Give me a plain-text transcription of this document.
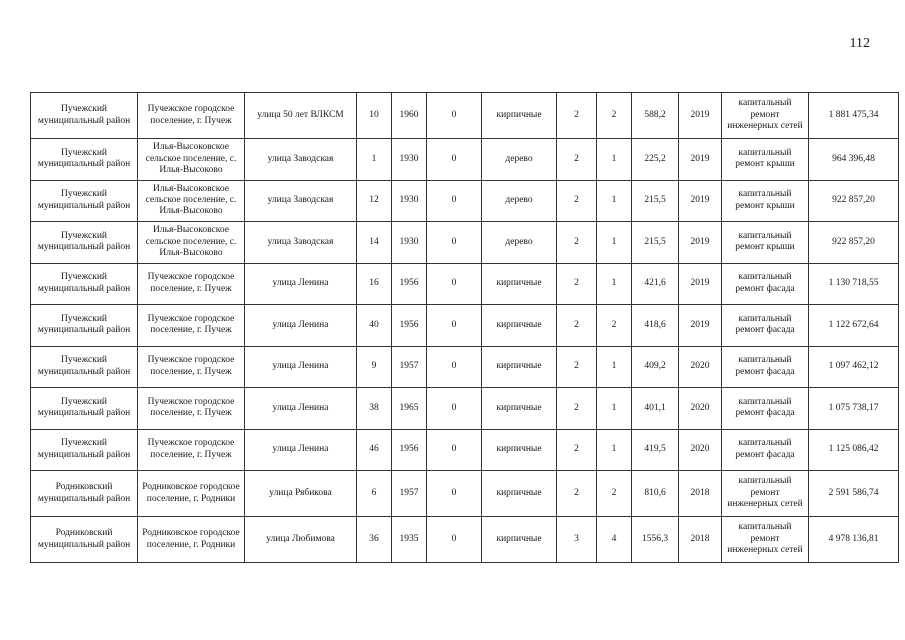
112
Пучежский муниципальный район	Пучежское городское поселение, г. Пучеж	улица 50 лет ВЛКСМ	10	1960	0	кирпичные	2	2	588,2	2019	капитальный ремонт инженерных сетей	1 881 475,34
Пучежский муниципальный район	Илья-Высоковское сельское поселение, с. Илья-Высоково	улица Заводская	1	1930	0	дерево	2	1	225,2	2019	капитальный ремонт крыши	964 396,48
Пучежский муниципальный район	Илья-Высоковское сельское поселение, с. Илья-Высоково	улица Заводская	12	1930	0	дерево	2	1	215,5	2019	капитальный ремонт крыши	922 857,20
Пучежский муниципальный район	Илья-Высоковское сельское поселение, с. Илья-Высоково	улица Заводская	14	1930	0	дерево	2	1	215,5	2019	капитальный ремонт крыши	922 857,20
Пучежский муниципальный район	Пучежское городское поселение, г. Пучеж	улица Ленина	16	1956	0	кирпичные	2	1	421,6	2019	капитальный ремонт фасада	1 130 718,55
Пучежский муниципальный район	Пучежское городское поселение, г. Пучеж	улица Ленина	40	1956	0	кирпичные	2	2	418,6	2019	капитальный ремонт фасада	1 122 672,64
Пучежский муниципальный район	Пучежское городское поселение, г. Пучеж	улица Ленина	9	1957	0	кирпичные	2	1	409,2	2020	капитальный ремонт фасада	1 097 462,12
Пучежский муниципальный район	Пучежское городское поселение, г. Пучеж	улица Ленина	38	1965	0	кирпичные	2	1	401,1	2020	капитальный ремонт фасада	1 075 738,17
Пучежский муниципальный район	Пучежское городское поселение, г. Пучеж	улица Ленина	46	1956	0	кирпичные	2	1	419,5	2020	капитальный ремонт фасада	1 125 086,42
Родниковский муниципальный район	Родниковское городское поселение, г. Родники	улица Рябикова	6	1957	0	кирпичные	2	2	810,6	2018	капитальный ремонт инженерных сетей	2 591 586,74
Родниковский муниципальный район	Родниковское городское поселение, г. Родники	улица Любимова	36	1935	0	кирпичные	3	4	1556,3	2018	капитальный ремонт инженерных сетей	4 978 136,81
